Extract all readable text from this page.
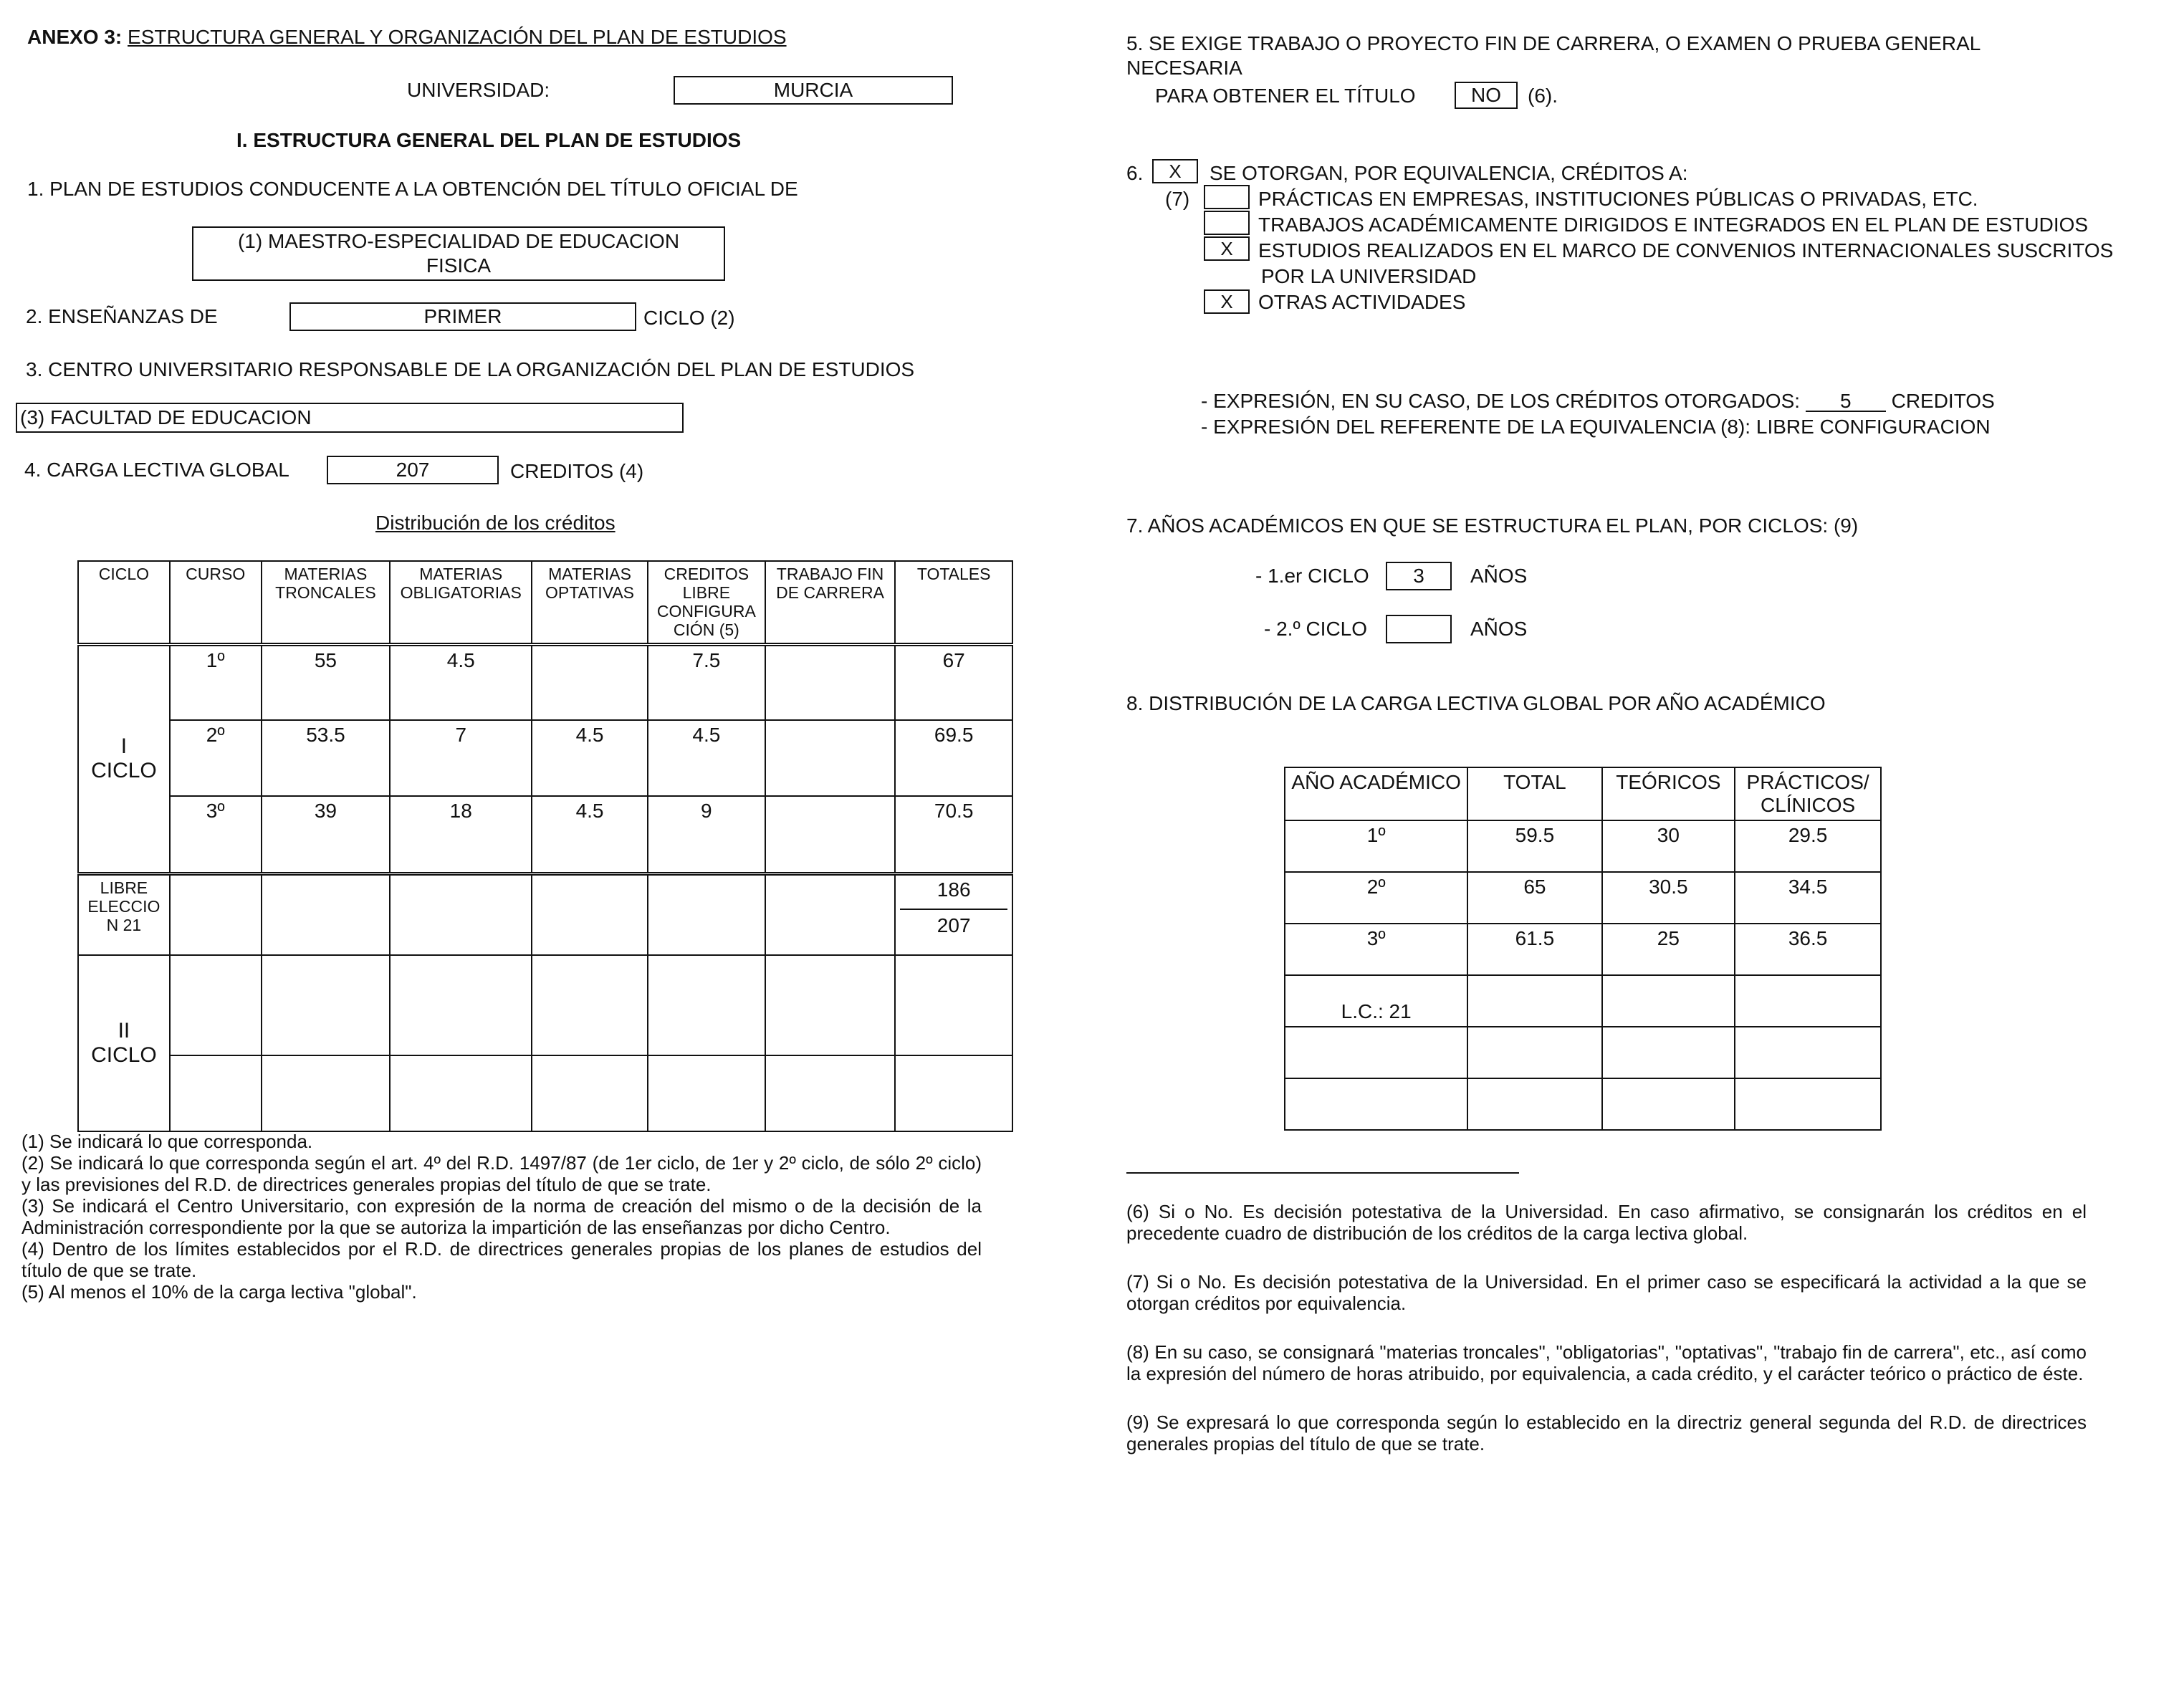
ANEXO 3: ESTRUCTURA GENERAL Y ORGANIZACIÓN DEL PLAN DE ESTUDIOS
UNIVERSIDAD:	MURCIA
I. ESTRUCTURA GENERAL DEL PLAN DE ESTUDIOS
1. PLAN DE ESTUDIOS CONDUCENTE A LA OBTENCIÓN DEL TÍTULO OFICIAL DE
(1) MAESTRO-ESPECIALIDAD DE EDUCACION
FISICA
2. ENSEÑANZAS DE	PRIMER	CICLO (2)
3. CENTRO UNIVERSITARIO RESPONSABLE DE LA ORGANIZACIÓN DEL PLAN DE ESTUDIOS
(3) FACULTAD DE EDUCACION
4. CARGA LECTIVA GLOBAL	207	CREDITOS (4)
Distribución de los créditos
CICLO	CURSO	MATERIAS TRONCALES	MATERIAS OBLIGATORIAS	MATERIAS OPTATIVAS	CREDITOS LIBRE CONFIGURA CIÓN (5)	TRABAJO FIN DE CARRERA	TOTALES

I
CICLO	1º	55	4.5		7.5		67
	2º	53.5	7	4.5	4.5		69.5
	3º	39	18	4.5	9		70.5
LIBRE ELECCIO N 21							186
207

II
CICLO							

(1) Se indicará lo que corresponda.

(2) Se indicará lo que corresponda según el art. 4º del R.D. 1497/87 (de 1er ciclo, de 1er y 2º ciclo, de sólo 2º ciclo) y las previsiones del R.D. de directrices generales propias del título de que se trate.

(3) Se indicará el Centro Universitario, con expresión de la norma de creación del mismo o de la decisión de la Administración correspondiente por la que se autoriza la impartición de las enseñanzas por dicho Centro.

(4) Dentro de los límites establecidos por el R.D. de directrices generales propias de los planes de estudios del título de que se trate.

(5) Al menos el 10% de la carga lectiva "global".

5. SE EXIGE TRABAJO O PROYECTO FIN DE CARRERA, O EXAMEN O PRUEBA GENERAL
NECESARIA
PARA OBTENER EL TÍTULO	NO (6).
6.	X	SE OTORGAN, POR EQUIVALENCIA, CRÉDITOS A:
(7)	PRÁCTICAS EN EMPRESAS, INSTITUCIONES PÚBLICAS O PRIVADAS, ETC.
TRABAJOS ACADÉMICAMENTE DIRIGIDOS E INTEGRADOS EN EL PLAN DE ESTUDIOS
X	ESTUDIOS REALIZADOS EN EL MARCO DE CONVENIOS INTERNACIONALES SUSCRITOS
POR LA UNIVERSIDAD
X	OTRAS ACTIVIDADES
- EXPRESIÓN, EN SU CASO, DE LOS CRÉDITOS OTORGADOS: 5 CREDITOS
- EXPRESIÓN DEL REFERENTE DE LA EQUIVALENCIA (8): LIBRE CONFIGURACION
7. AÑOS ACADÉMICOS EN QUE SE ESTRUCTURA EL PLAN, POR CICLOS: (9)
- 1.er CICLO 3 AÑOS
- 2.º CICLO	AÑOS
8. DISTRIBUCIÓN DE LA CARGA LECTIVA GLOBAL POR AÑO ACADÉMICO
AÑO ACADÉMICO	TOTAL	TEÓRICOS	PRÁCTICOS/ CLÍNICOS
1º	59.5	30	29.5
2º	65	30.5	34.5
3º	61.5	25	36.5
L.C.: 21			

(6) Si o No. Es decisión potestativa de la Universidad. En caso afirmativo, se consignarán los créditos en el precedente cuadro de distribución de los créditos de la carga lectiva global.

(7) Si o No. Es decisión potestativa de la Universidad. En el primer caso se especificará la actividad a la que se otorgan créditos por equivalencia.

(8) En su caso, se consignará "materias troncales", "obligatorias", "optativas", "trabajo fin de carrera", etc., así como la expresión del número de horas atribuido, por equivalencia, a cada crédito, y el carácter teórico o práctico de éste.

(9) Se expresará lo que corresponda según lo establecido en la directriz general segunda del R.D. de directrices generales propias del título de que se trate.
